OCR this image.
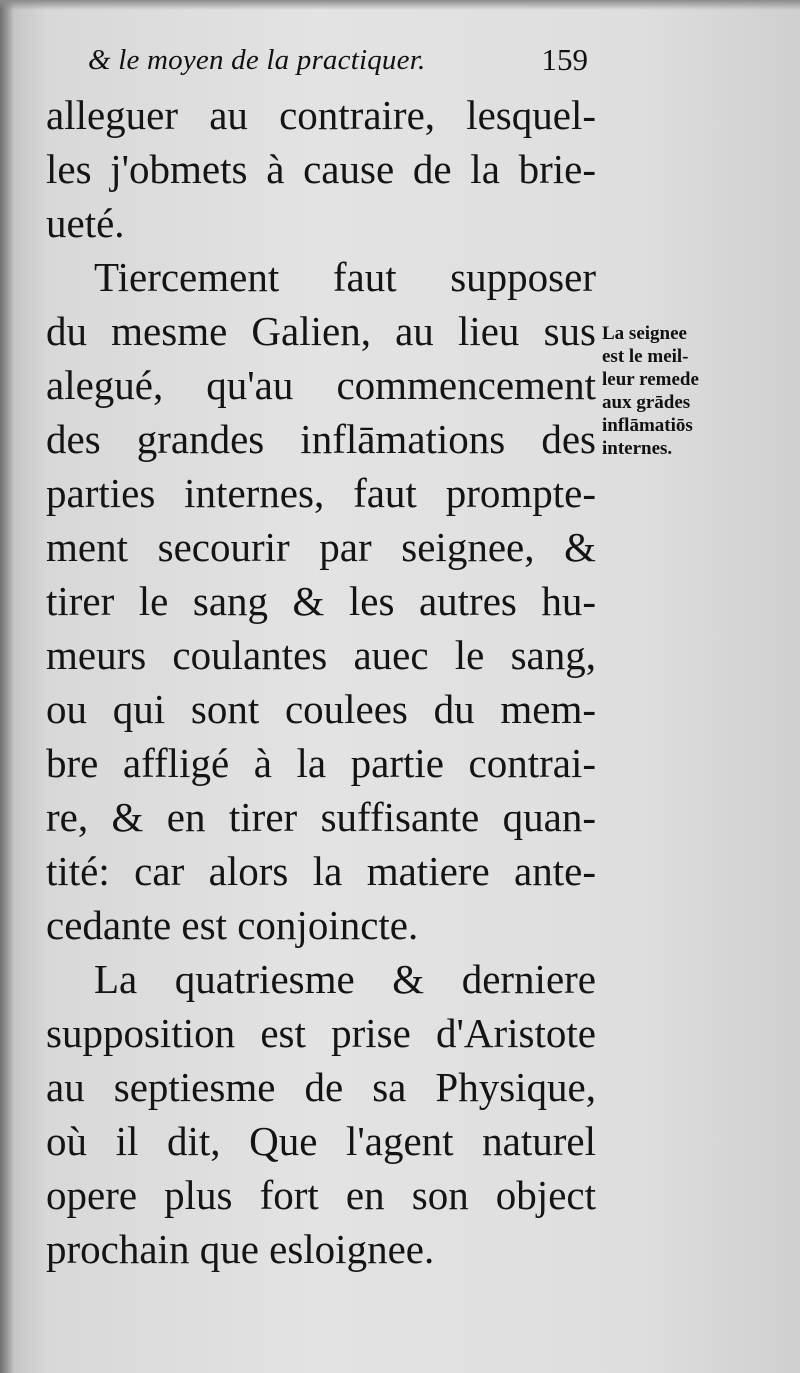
& le moyen de la practiquer.	159
alleguer au contraire, lesquel-
les j'obmets à cause de la brie-
ueté.
Tiercement faut supposer
du mesme Galien, au lieu sus
alegué, qu'au commencement
des grandes inflāmations des
parties internes, faut prompte-
ment secourir par seignee, &
tirer le sang & les autres hu-
meurs coulantes auec le sang,
ou qui sont coulees du mem-
bre affligé à la partie contrai-
re, & en tirer suffisante quan-
tité: car alors la matiere ante-
cedante est conjoincte.
La quatriesme & derniere
supposition est prise d'Aristote
au septiesme de sa Physique,
où il dit, Que l'agent naturel
opere plus fort en son object
prochain que esloignee.
La seignee
est le meil-
leur remede
aux grādes
inflāmatiōs
internes.
